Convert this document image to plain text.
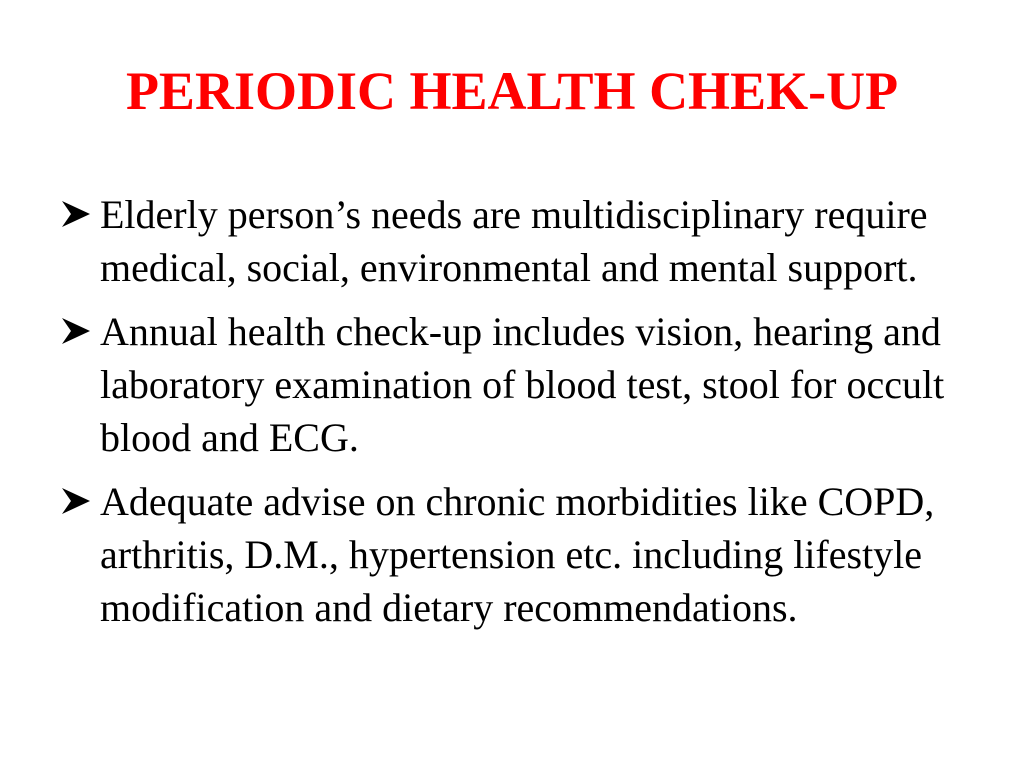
PERIODIC HEALTH CHEK-UP
Elderly person’s needs are multidisciplinary require medical, social, environmental and mental support.
Annual health check-up includes vision, hearing and laboratory examination of blood test, stool for occult blood and ECG.
Adequate advise on chronic morbidities like COPD, arthritis, D.M., hypertension etc. including lifestyle modification and dietary recommendations.
